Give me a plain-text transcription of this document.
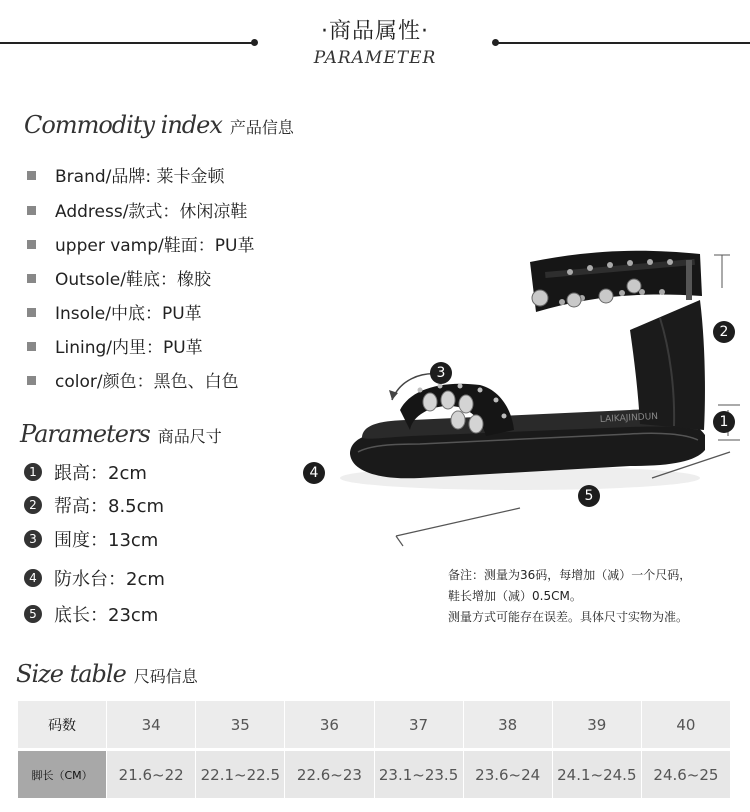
·商品属性·
PARAMETER
Commodity index 产品信息
Brand/品牌: 莱卡金顿
Address/款式：休闲凉鞋
upper vamp/鞋面：PU革
Outsole/鞋底：橡胶
Insole/中底：PU革
Lining/内里：PU革
color/颜色：黑色、白色
Parameters 商品尺寸
1 跟高：2cm
2 帮高：8.5cm
3 围度：13cm
4 防水台：2cm
5 底长：23cm
LAIKAJINDUN
2
1
3
4
5
备注：测量为36码，每增加（减）一个尺码，
鞋长增加（减）0.5CM。
测量方式可能存在误差。具体尺寸实物为准。
Size table 尺码信息
码数	34	35	36	37	38	39	40
脚长（CM）	21.6~22	22.1~22.5	22.6~23	23.1~23.5	23.6~24	24.1~24.5	24.6~25
